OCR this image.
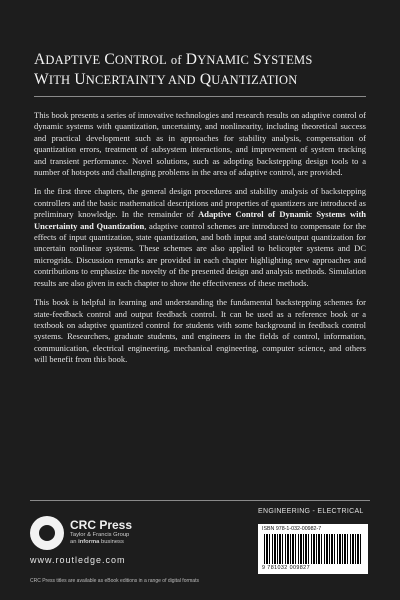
ADAPTIVE CONTROL of DYNAMIC SYSTEMS
WITH UNCERTAINTY AND QUANTIZATION

This book presents a series of innovative technologies and research results on adaptive control of dynamic systems with quantization, uncertainty, and nonlinearity, including theoretical success and practical development such as in approaches for stability analysis, compensation of quantization errors, treatment of subsystem interactions, and improvement of system tracking and transient performance. Novel solutions, such as adopting backstepping design tools to a number of hotspots and challenging problems in the area of adaptive control, are provided.

In the first three chapters, the general design procedures and stability analysis of backstepping controllers and the basic mathematical descriptions and properties of quantizers are introduced as preliminary knowledge. In the remainder of Adaptive Control of Dynamic Systems with Uncertainty and Quantization, adaptive control schemes are introduced to compensate for the effects of input quantization, state quantization, and both input and state/output quantization for uncertain nonlinear systems. These schemes are also applied to helicopter systems and DC microgrids. Discussion remarks are provided in each chapter highlighting new approaches and contributions to emphasize the novelty of the presented design and analysis methods. Simulation results are also given in each chapter to show the effectiveness of these methods.

This book is helpful in learning and understanding the fundamental backstepping schemes for state-feedback control and output feedback control. It can be used as a reference book or a textbook on adaptive quantized control for students with some background in feedback control systems. Researchers, graduate students, and engineers in the fields of control, information, communication, electrical engineering, mechanical engineering, computer science, and others will benefit from this book.

CRC Press
Taylor & Francis Group
an informa business
www.routledge.com
CRC Press titles are available as eBook editions in a range of digital formats
ENGINEERING - ELECTRICAL
ISBN 978-1-032-00982-7
9 781032 009827
